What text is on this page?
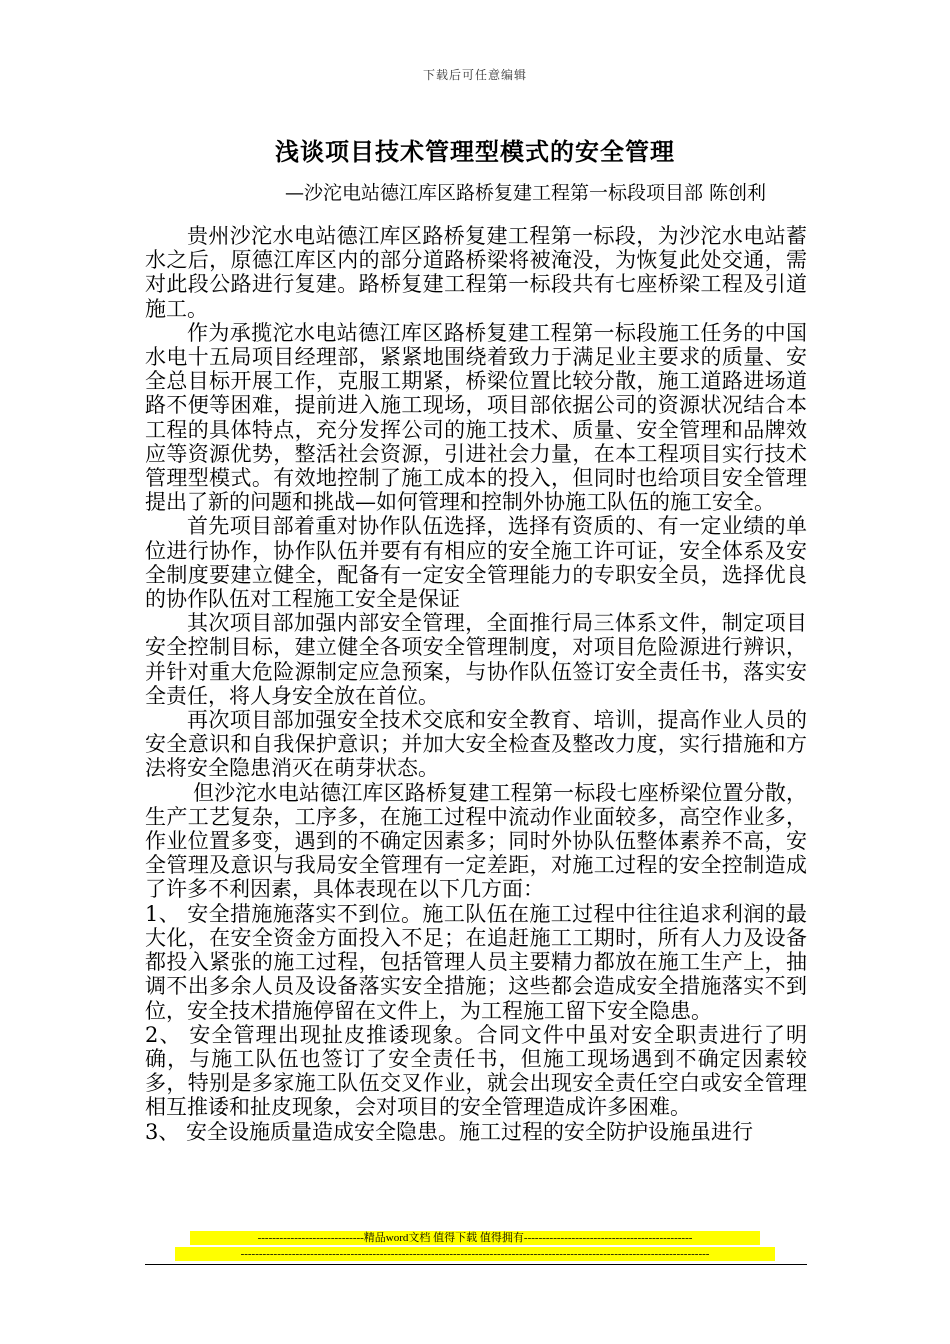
下载后可任意编辑
浅谈项目技术管理型模式的安全管理
—沙沱电站德江库区路桥复建工程第一标段项目部 陈创利

贵州沙沱水电站德江库区路桥复建工程第一标段，为沙沱水电站蓄水之后，原德江库区内的部分道路桥梁将被淹没，为恢复此处交通，需对此段公路进行复建。路桥复建工程第一标段共有七座桥梁工程及引道施工。

作为承揽沱水电站德江库区路桥复建工程第一标段施工任务的中国水电十五局项目经理部，紧紧地围绕着致力于满足业主要求的质量、安全总目标开展工作，克服工期紧，桥梁位置比较分散，施工道路进场道路不便等困难，提前进入施工现场，项目部依据公司的资源状况结合本工程的具体特点，充分发挥公司的施工技术、质量、安全管理和品牌效应等资源优势，整活社会资源，引进社会力量，在本工程项目实行技术管理型模式。有效地控制了施工成本的投入，但同时也给项目安全管理提出了新的问题和挑战—如何管理和控制外协施工队伍的施工安全。

首先项目部着重对协作队伍选择，选择有资质的、有一定业绩的单位进行协作，协作队伍并要有有相应的安全施工许可证，安全体系及安全制度要建立健全，配备有一定安全管理能力的专职安全员，选择优良的协作队伍对工程施工安全是保证

其次项目部加强内部安全管理，全面推行局三体系文件，制定项目安全控制目标，建立健全各项安全管理制度，对项目危险源进行辨识，并针对重大危险源制定应急预案，与协作队伍签订安全责任书，落实安全责任，将人身安全放在首位。

再次项目部加强安全技术交底和安全教育、培训，提高作业人员的安全意识和自我保护意识；并加大安全检查及整改力度，实行措施和方法将安全隐患消灭在萌芽状态。

但沙沱水电站德江库区路桥复建工程第一标段七座桥梁位置分散，生产工艺复杂，工序多，在施工过程中流动作业面较多，高空作业多，作业位置多变，遇到的不确定因素多；同时外协队伍整体素养不高，安全管理及意识与我局安全管理有一定差距，对施工过程的安全控制造成了许多不利因素，具体表现在以下几方面：

1、 安全措施施落实不到位。施工队伍在施工过程中往往追求利润的最大化，在安全资金方面投入不足；在追赶施工工期时，所有人力及设备都投入紧张的施工过程，包括管理人员主要精力都放在施工生产上，抽调不出多余人员及设备落实安全措施；这些都会造成安全措施落实不到位，安全技术措施停留在文件上，为工程施工留下安全隐患。

2、 安全管理出现扯皮推诿现象。合同文件中虽对安全职责进行了明确，与施工队伍也签订了安全责任书，但施工现场遇到不确定因素较多，特别是多家施工队伍交叉作业，就会出现安全责任空白或安全管理相互推诿和扯皮现象，会对项目的安全管理造成许多困难。

3、 安全设施质量造成安全隐患。施工过程的安全防护设施虽进行

-----------------------------精品word文档 值得下载 值得拥有----------------------------------------------
--------------------------------------------------------------------------------------------------------------------------------
